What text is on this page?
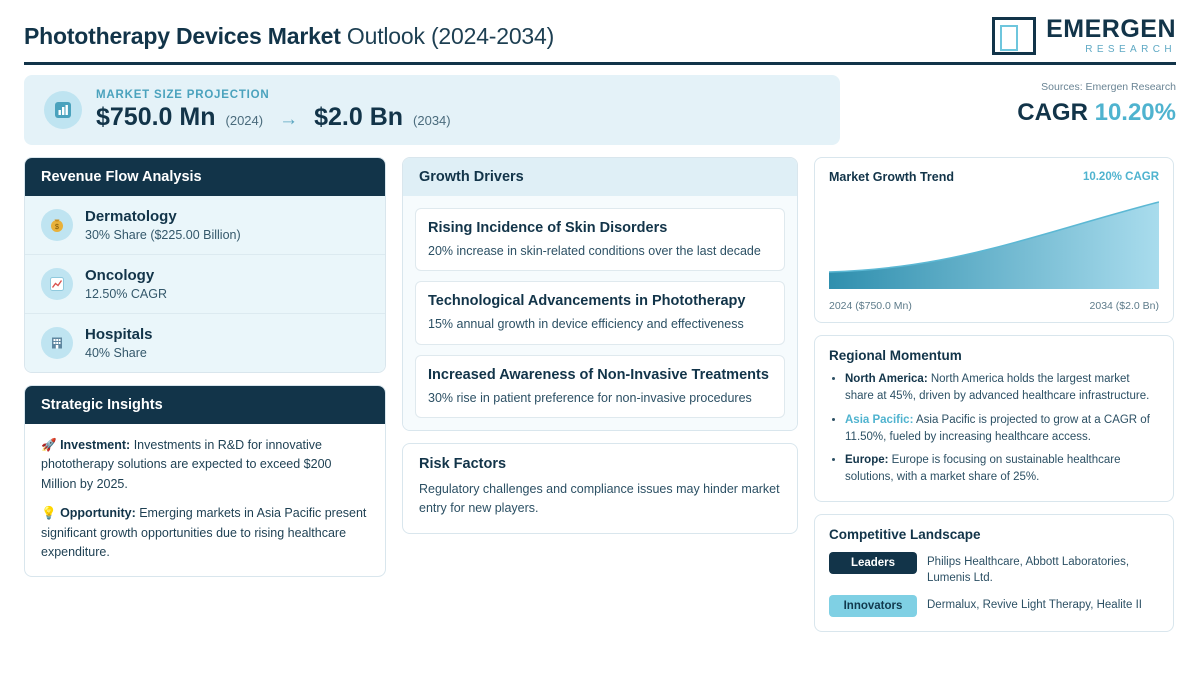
Phototherapy Devices Market Outlook (2024-2034)	EMERGEN
RESEARCH
MARKET SIZE PROJECTION
$750.0 Mn (2024) → $2.0 Bn (2034)
Sources: Emergen Research
CAGR 10.20%
Revenue Flow Analysis
$
Dermatology
30% Share ($225.00 Billion)
Oncology
12.50% CAGR
Hospitals
40% Share
Strategic Insights

🚀 Investment: Investments in R&D for innovative phototherapy solutions are expected to exceed $200 Million by 2025.

💡 Opportunity: Emerging markets in Asia Pacific present significant growth opportunities due to rising healthcare expenditure.

Growth Drivers
Rising Incidence of Skin Disorders
20% increase in skin-related conditions over the last decade
Technological Advancements in Phototherapy
15% annual growth in device efficiency and effectiveness
Increased Awareness of Non-Invasive Treatments
30% rise in patient preference for non-invasive procedures
Risk Factors
Regulatory challenges and compliance issues may hinder market entry for new players.
Market Growth Trend	10.20% CAGR
2024 ($750.0 Mn)	2034 ($2.0 Bn)
Regional Momentum
• North America: North America holds the largest market share at 45%, driven by advanced healthcare infrastructure.
• Asia Pacific: Asia Pacific is projected to grow at a CAGR of 11.50%, fueled by increasing healthcare access.
• Europe: Europe is focusing on sustainable healthcare solutions, with a market share of 25%.
Competitive Landscape
Leaders	Philips Healthcare, Abbott Laboratories, Lumenis Ltd.
Innovators	Dermalux, Revive Light Therapy, Healite II
